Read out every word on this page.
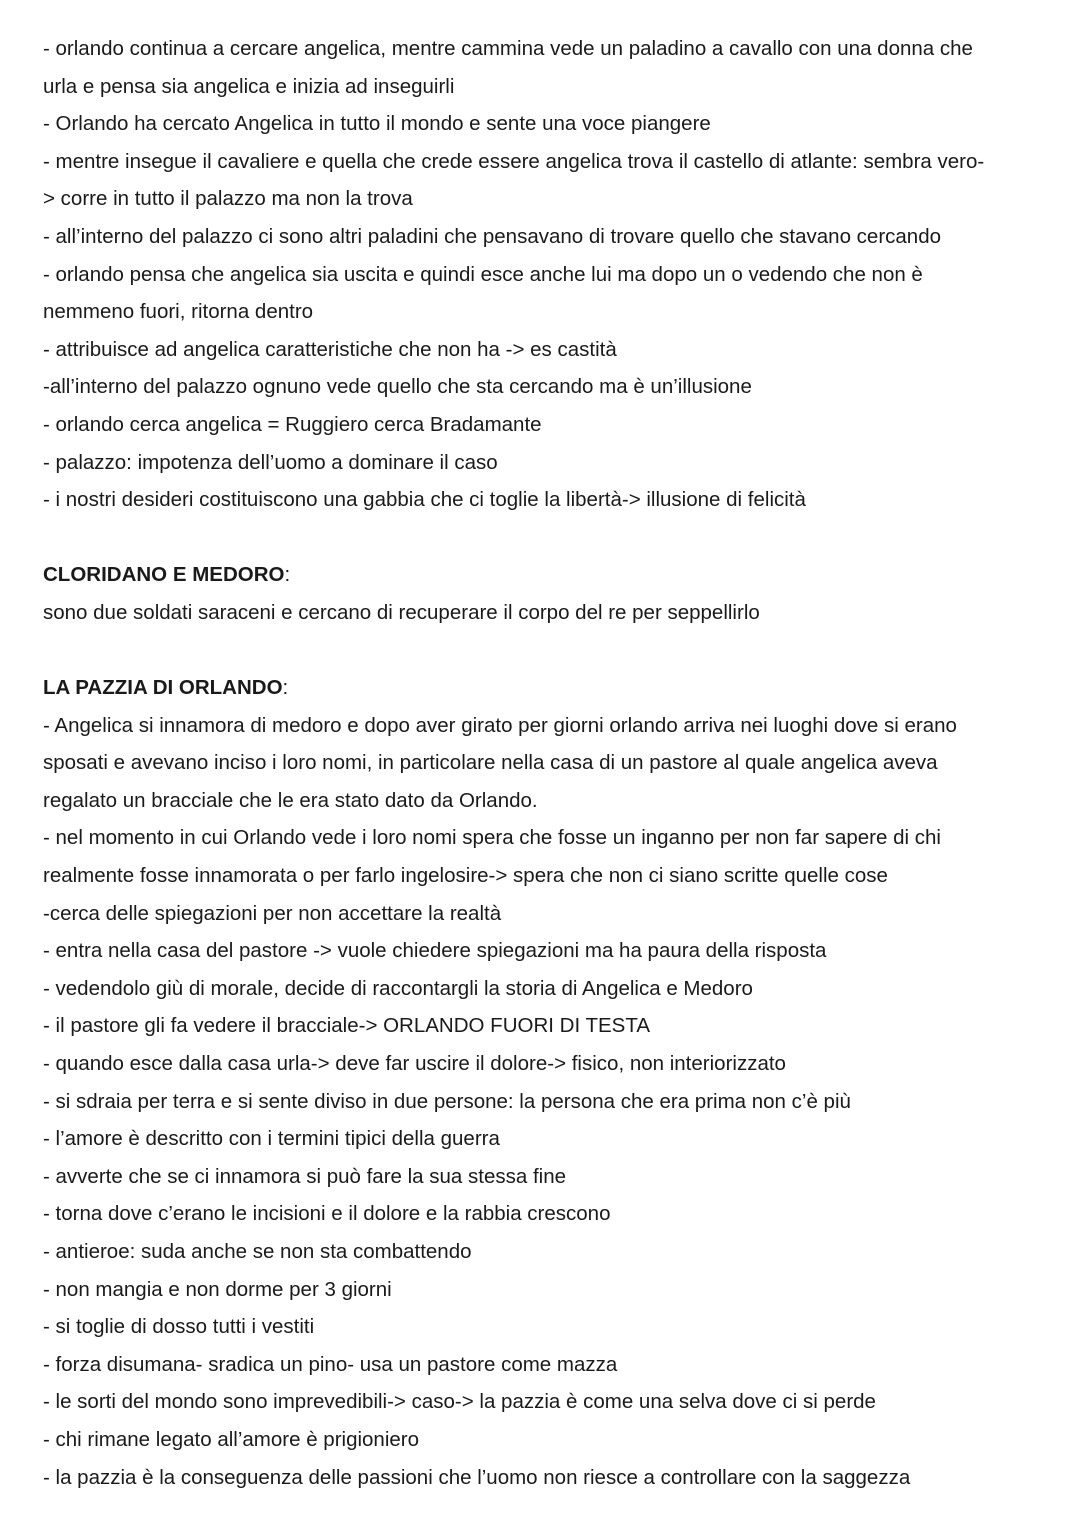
- orlando continua a cercare angelica, mentre cammina vede un paladino a cavallo con una donna che

urla e pensa sia angelica e inizia ad inseguirli

- Orlando ha cercato Angelica in tutto il mondo e sente una voce piangere

- mentre insegue il cavaliere e quella che crede essere angelica trova il castello di atlante: sembra vero-

> corre in tutto il palazzo ma non la trova

- all’interno del palazzo ci sono altri paladini che pensavano di trovare quello che stavano cercando

- orlando pensa che angelica sia uscita e quindi esce anche lui ma dopo un o vedendo che non è

nemmeno fuori, ritorna dentro

- attribuisce ad angelica caratteristiche che non ha -> es castità

-all’interno del palazzo ognuno vede quello che sta cercando ma è un’illusione

- orlando cerca angelica = Ruggiero cerca Bradamante

- palazzo: impotenza dell’uomo a dominare il caso

- i nostri desideri costituiscono una gabbia che ci toglie la libertà-> illusione di felicità

CLORIDANO E MEDORO:

sono due soldati saraceni e cercano di recuperare il corpo del re per seppellirlo

LA PAZZIA DI ORLANDO:

- Angelica si innamora di medoro e dopo aver girato per giorni orlando arriva nei luoghi dove si erano

sposati e avevano inciso i loro nomi, in particolare nella casa di un pastore al quale angelica aveva

regalato un bracciale che le era stato dato da Orlando.

- nel momento in cui Orlando vede i loro nomi spera che fosse un inganno per non far sapere di chi

realmente fosse innamorata o per farlo ingelosire-> spera che non ci siano scritte quelle cose

-cerca delle spiegazioni per non accettare la realtà

- entra nella casa del pastore -> vuole chiedere spiegazioni ma ha paura della risposta

- vedendolo giù di morale, decide di raccontargli la storia di Angelica e Medoro

- il pastore gli fa vedere il bracciale-> ORLANDO FUORI DI TESTA

- quando esce dalla casa urla-> deve far uscire il dolore-> fisico, non interiorizzato

- si sdraia per terra e si sente diviso in due persone: la persona che era prima non c’è più

- l’amore è descritto con i termini tipici della guerra

- avverte che se ci innamora si può fare la sua stessa fine

- torna dove c’erano le incisioni e il dolore e la rabbia crescono

- antieroe: suda anche se non sta combattendo

- non mangia e non dorme per 3 giorni

- si toglie di dosso tutti i vestiti

- forza disumana- sradica un pino- usa un pastore come mazza

- le sorti del mondo sono imprevedibili-> caso-> la pazzia è come una selva dove ci si perde

- chi rimane legato all’amore è prigioniero

- la pazzia è la conseguenza delle passioni che l’uomo non riesce a controllare con la saggezza
